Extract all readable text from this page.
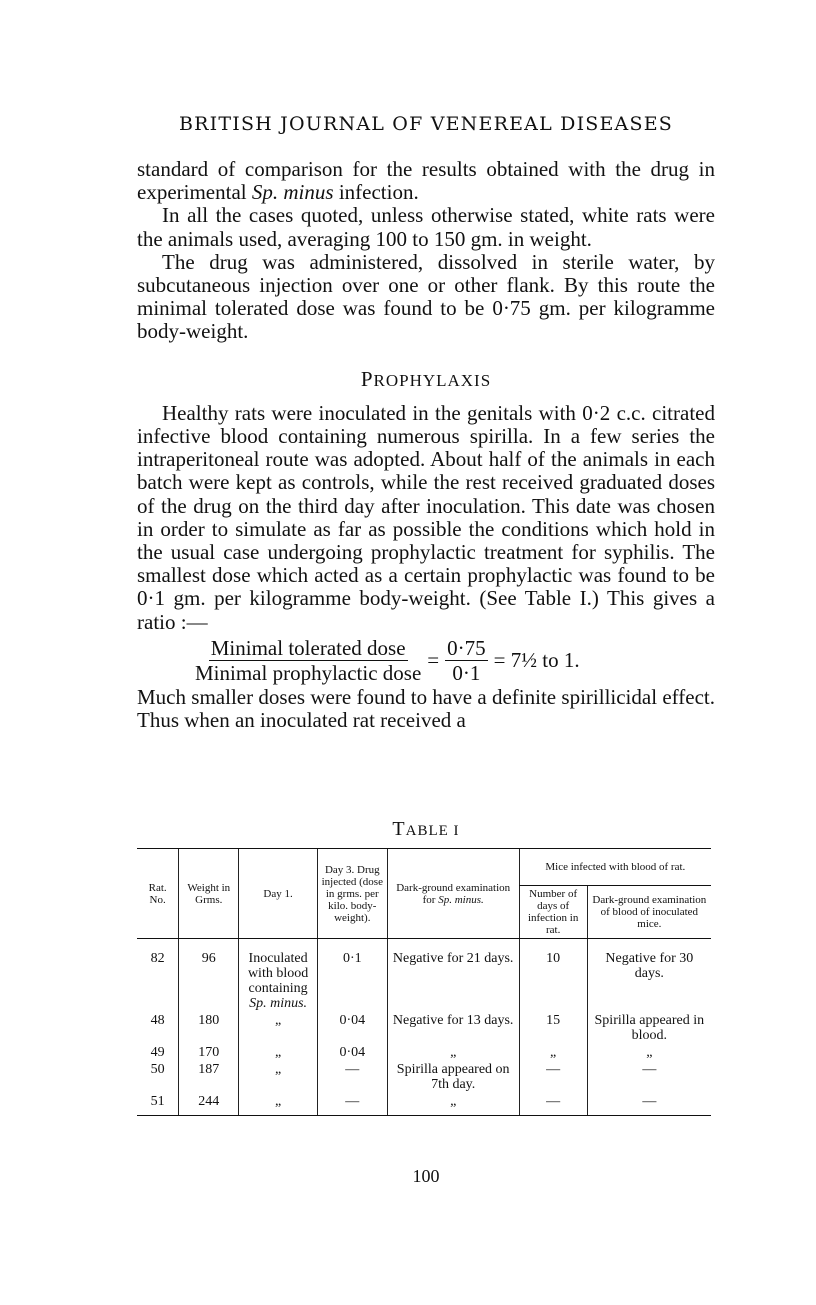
BRITISH JOURNAL OF VENEREAL DISEASES

standard of comparison for the results obtained with the drug in experimental Sp. minus infection.

In all the cases quoted, unless otherwise stated, white rats were the animals used, averaging 100 to 150 gm. in weight.

The drug was administered, dissolved in sterile water, by subcutaneous injection over one or other flank. By this route the minimal tolerated dose was found to be 0·75 gm. per kilogramme body-weight.

PROPHYLAXIS

Healthy rats were inoculated in the genitals with 0·2 c.c. citrated infective blood containing numerous spirilla. In a few series the intraperitoneal route was adopted. About half of the animals in each batch were kept as controls, while the rest received graduated doses of the drug on the third day after inoculation. This date was chosen in order to simulate as far as possible the conditions which hold in the usual case undergoing prophylactic treatment for syphilis. The smallest dose which acted as a certain prophylactic was found to be 0·1 gm. per kilogramme body-weight. (See Table I.) This gives a ratio :—

$\frac{\text{Minimal tolerated dose}}{\text{Minimal prophylactic dose}} = \frac{0\cdot 75}{0\cdot 1}$ = 7½ to 1.

Much smaller doses were found to have a definite spirillicidal effect. Thus when an inoculated rat received a

TABLE I
Rat. No.	Weight in Grms.	Day 1.	Day 3. Drug injected (dose in grms. per kilo. body-weight).	Dark-ground examination for Sp. minus.	Mice infected with blood of rat.	
					Number of days of infection in rat.	Dark-ground examination of blood of inoculated mice.
82	96	Inoculated with blood containing Sp. minus.	0·1	Negative for 21 days.	10	Negative for 30 days.
48	180	„	0·04	Negative for 13 days.	15	Spirilla appeared in blood.
49	170	„	0·04	„	„	„
50	187	„	—	Spirilla appeared on 7th day.	—	—
51	244	„	—	„	—	—
100
